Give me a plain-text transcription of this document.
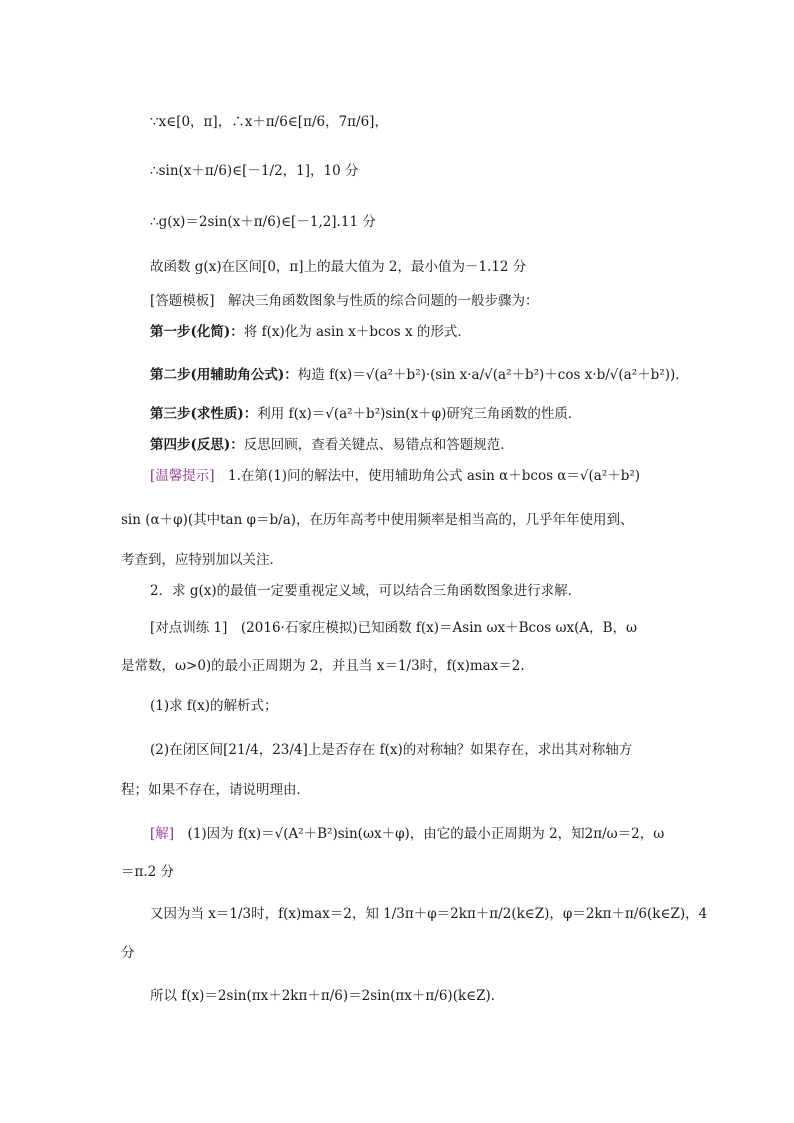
∵x∈[0，π]，∴x＋π/6∈[π/6，7π/6]，
∴sin(x＋π/6)∈[－1/2，1]，10 分
∴g(x)＝2sin(x＋π/6)∈[－1,2].11 分
故函数 g(x)在区间[0，π]上的最大值为 2，最小值为－1.12 分
[答题模板]　解决三角函数图象与性质的综合问题的一般步骤为：
第一步(化简)：将 f(x)化为 asin x＋bcos x 的形式．
第二步(用辅助角公式)：构造 f(x)＝√(a²＋b²)·(sin x·a/√(a²＋b²)＋cos x·b/√(a²＋b²))．
第三步(求性质)：利用 f(x)＝√(a²＋b²)sin(x＋φ)研究三角函数的性质．
第四步(反思)：反思回顾，查看关键点、易错点和答题规范．
[温馨提示]　1.在第(1)问的解法中，使用辅助角公式 asin α＋bcos α＝√(a²＋b²)
sin (α＋φ)(其中tan φ＝b/a)，在历年高考中使用频率是相当高的，几乎年年使用到、
考查到，应特别加以关注．
2．求 g(x)的最值一定要重视定义域，可以结合三角函数图象进行求解．
[对点训练 1]　(2016·石家庄模拟)已知函数 f(x)＝Asin ωx＋Bcos ωx(A，B，ω
是常数，ω>0)的最小正周期为 2，并且当 x＝1/3时，f(x)max＝2.
(1)求 f(x)的解析式；
(2)在闭区间[21/4，23/4]上是否存在 f(x)的对称轴？如果存在，求出其对称轴方
程；如果不存在，请说明理由．
[解]　(1)因为 f(x)＝√(A²＋B²)sin(ωx＋φ)，由它的最小正周期为 2，知2π/ω＝2，ω
＝π.2 分
又因为当 x＝1/3时，f(x)max＝2，知 1/3π＋φ＝2kπ＋π/2(k∈Z)，φ＝2kπ＋π/6(k∈Z)，4
分
所以 f(x)＝2sin(πx＋2kπ＋π/6)＝2sin(πx＋π/6)(k∈Z)．
